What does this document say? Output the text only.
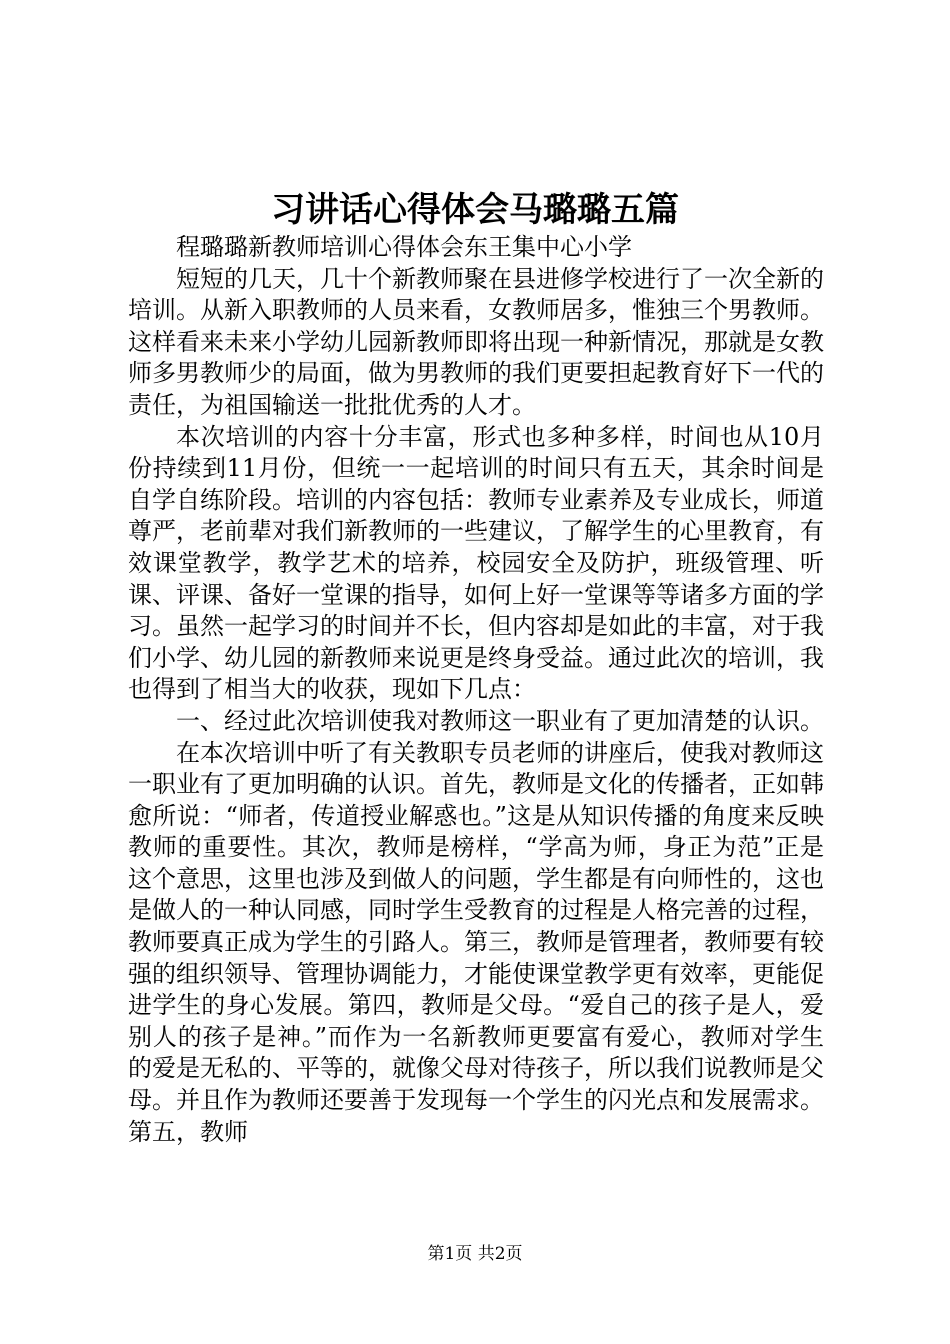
习讲话心得体会马璐璐五篇

程璐璐新教师培训心得体会东王集中心小学

短短的几天，几十个新教师聚在县进修学校进行了一次全新的培训。从新入职教师的人员来看，女教师居多，惟独三个男教师。这样看来未来小学幼儿园新教师即将出现一种新情况，那就是女教师多男教师少的局面，做为男教师的我们更要担起教育好下一代的责任，为祖国输送一批批优秀的人才。

本次培训的内容十分丰富，形式也多种多样，时间也从10月份持续到11月份，但统一一起培训的时间只有五天，其余时间是自学自练阶段。培训的内容包括：教师专业素养及专业成长，师道尊严，老前辈对我们新教师的一些建议，了解学生的心里教育，有效课堂教学，教学艺术的培养，校园安全及防护，班级管理、听课、评课、备好一堂课的指导，如何上好一堂课等等诸多方面的学习。虽然一起学习的时间并不长，但内容却是如此的丰富，对于我们小学、幼儿园的新教师来说更是终身受益。通过此次的培训，我也得到了相当大的收获，现如下几点：

一、经过此次培训使我对教师这一职业有了更加清楚的认识。

在本次培训中听了有关教职专员老师的讲座后，使我对教师这一职业有了更加明确的认识。首先，教师是文化的传播者，正如韩愈所说：“师者，传道授业解惑也。”这是从知识传播的角度来反映教师的重要性。其次，教师是榜样，“学高为师，身正为范”正是这个意思，这里也涉及到做人的问题，学生都是有向师性的，这也是做人的一种认同感，同时学生受教育的过程是人格完善的过程，教师要真正成为学生的引路人。第三，教师是管理者，教师要有较强的组织领导、管理协调能力，才能使课堂教学更有效率，更能促进学生的身心发展。第四，教师是父母。“爱自己的孩子是人，爱别人的孩子是神。”而作为一名新教师更要富有爱心，教师对学生的爱是无私的、平等的，就像父母对待孩子，所以我们说教师是父母。并且作为教师还要善于发现每一个学生的闪光点和发展需求。第五，教师

第1页 共2页
